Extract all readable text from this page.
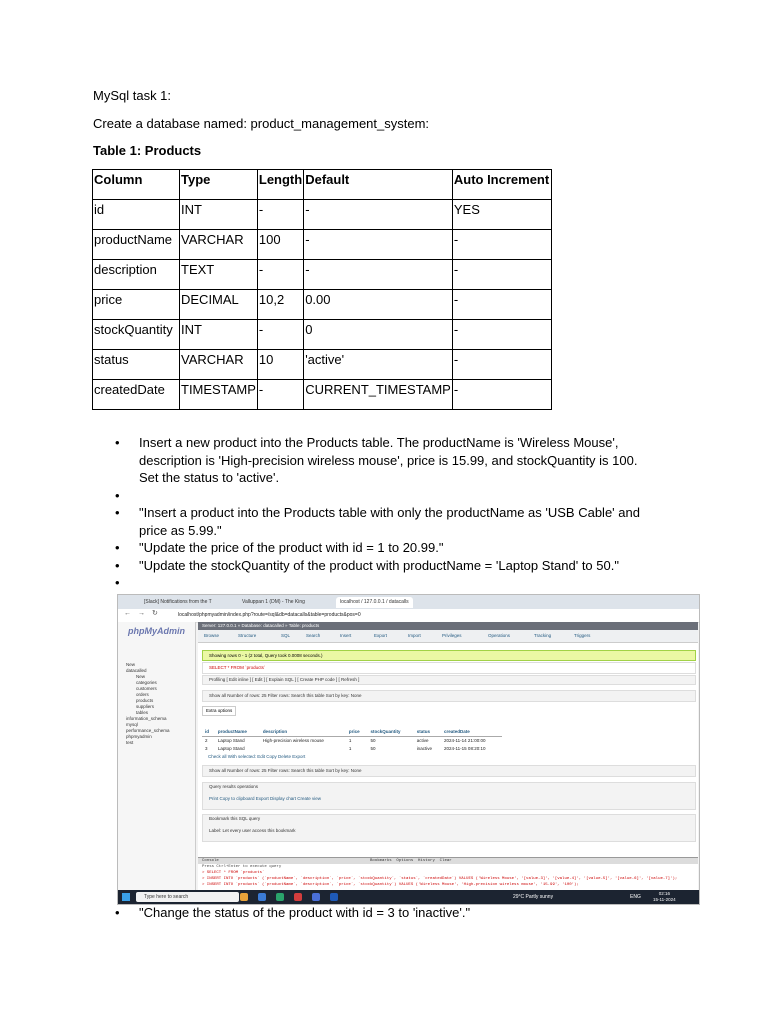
MySql task 1:
Create a database named: product_management_system:
Table 1: Products
Column	Type	Length	Default	Auto Increment
id	INT	-	-	YES
productName	VARCHAR	100	-	-
description	TEXT	-	-	-
price	DECIMAL	10,2	0.00	-
stockQuantity	INT	-	0	-
status	VARCHAR	10	'active'	-
createdDate	TIMESTAMP	-	CURRENT_TIMESTAMP	-
• Insert a new product into the Products table. The productName is 'Wireless Mouse', description is 'High-precision wireless mouse', price is 15.99, and stockQuantity is 100. Set the status to 'active'.
•
• "Insert a product into the Products table with only the productName as 'USB Cable' and price as 5.99."
• "Update the price of the product with id = 1 to 20.99."
• "Update the stockQuantity of the product with productName = 'Laptop Stand' to 50."
•
[Slack] Notifications from the T	Valluppan 1 (DM) - The King	localhost / 127.0.0.1 / datacalls
← → ↻	localhost/phpmyadmin/index.php?route=/sql&db=datacalls&table=products&pos=0
phpMyAdmin
New
datacalled
New
categories
customers
orders
products
suppliers
tables
information_schema
mysql
performance_schema
phpmyadmin
test
Server: 127.0.0.1 » Database: datacalled » Table: products
Browse	Structure	SQL	Search	Insert	Export	Import	Privileges	Operations	Tracking	Triggers
Showing rows 0 - 1 (2 total, Query took 0.0008 seconds.)
SELECT * FROM `products`
Profiling [ Edit inline ] [ Edit ] [ Explain SQL ] [ Create PHP code ] [ Refresh ]
Show all Number of rows: 25 Filter rows: Search this table Sort by key: None
Extra options
id	productName	description	price	stockQuantity	status	createdDate
2	Laptop Stand	High-precision wireless mouse	1	50	active	2024-11-14 21:00:00
3	Laptop Stand		1	50	inactive	2024-11-15 08:20:10
Check all With selected: Edit Copy Delete Export
Show all Number of rows: 25 Filter rows: Search this table Sort by key: None
Query results operations
Print Copy to clipboard Export Display chart Create view
Bookmark this SQL query
Label: Let every user access this bookmark
Console                                                               Bookmarks  Options  History  Clear
Press Ctrl+Enter to execute query
> SELECT * FROM `products`
> INSERT INTO `products` (`productName`, `description`, `price`, `stockQuantity`, `status`, `createdDate`) VALUES ('Wireless Mouse', '[value-3]', '[value-4]', '[value-5]', '[value-6]', '[value-7]');
> INSERT INTO `products` (`productName`, `description`, `price`, `stockQuantity`) VALUES ('Wireless Mouse', 'High-precision wireless mouse', '15.99', '100');
Type here to search	29°C Partly sunny	ENG
02:16
15-11-2024
• "Change the status of the product with id = 3 to 'inactive'."
